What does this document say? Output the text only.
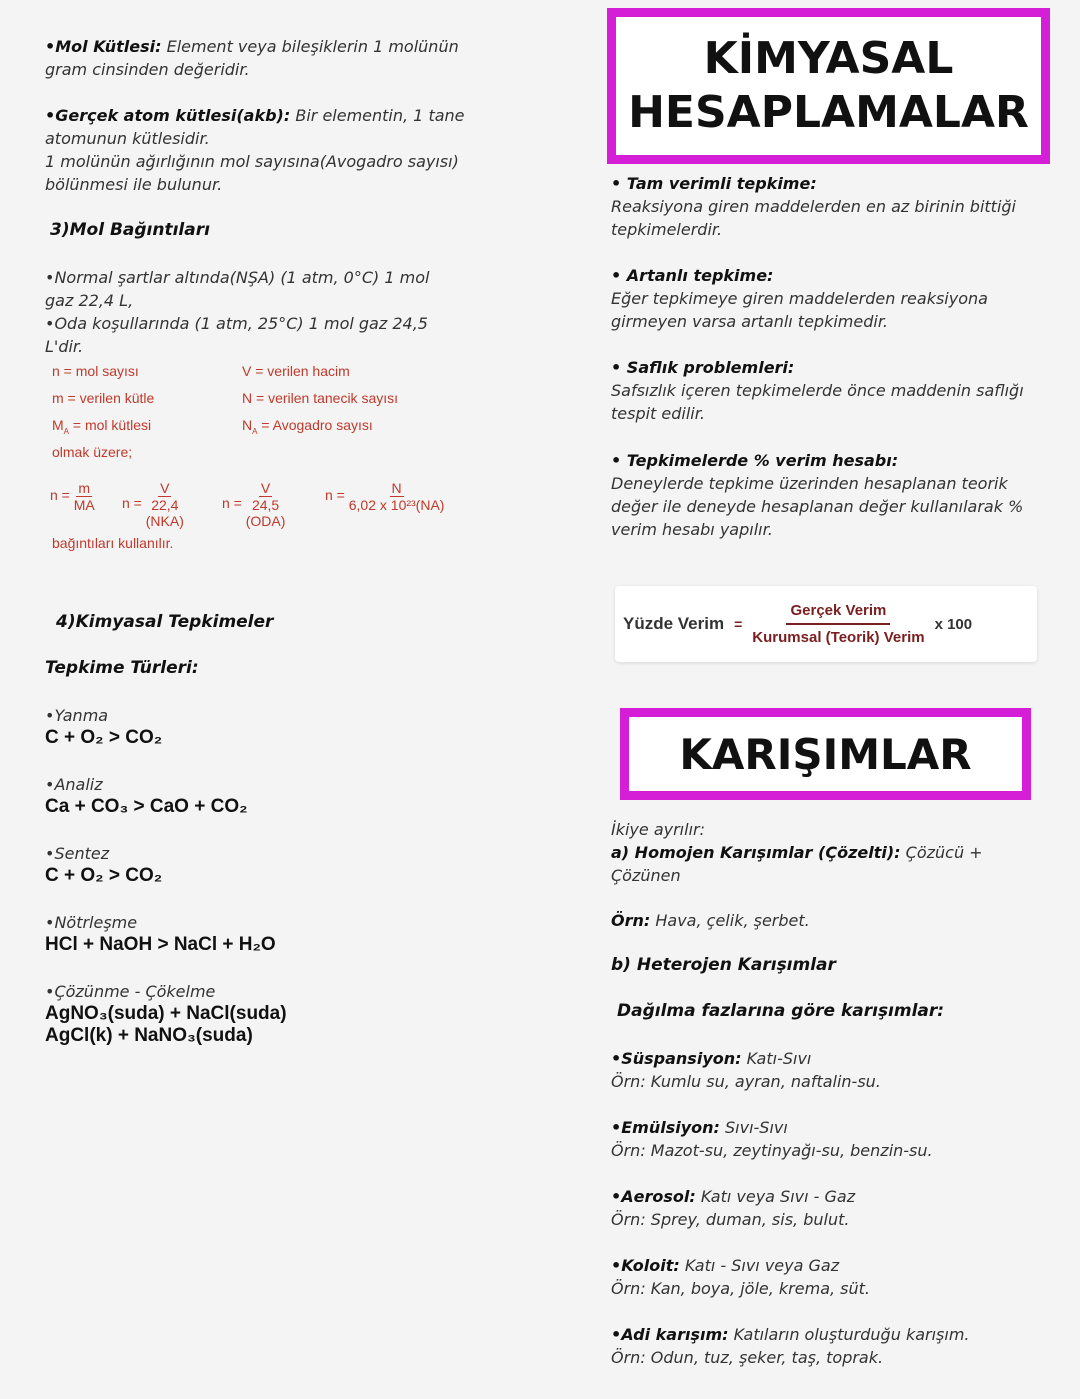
•Mol Kütlesi: Element veya bileşiklerin 1 molünün
gram cinsinden değeridir.
•Gerçek atom kütlesi(akb): Bir elementin, 1 tane
atomunun kütlesidir.
1 molünün ağırlığının mol sayısına(Avogadro sayısı)
bölünmesi ile bulunur.
3)Mol Bağıntıları
•Normal şartlar altında(NŞA) (1 atm, 0°C) 1 mol
gaz 22,4 L,
•Oda koşullarında (1 atm, 25°C) 1 mol gaz 24,5
L'dir.
n = mol sayısı
m = verilen kütle
$M_A$ = mol kütlesi
olmak üzere;
V = verilen hacim
N = verilen tanecik sayısı
$N_A$ = Avogadro sayısı
$n = \frac{m}{MA}$ n =
V
22,4
(NKA)
n =
V
24,5
(ODA)
$n = \frac{N}{\text{6,02 x 10²³(NA)}}$
bağıntıları kullanılır.
4)Kimyasal Tepkimeler
Tepkime Türleri:
•Yanma
C + O₂ > CO₂
•Analiz
Ca + CO₃ > CaO + CO₂
•Sentez
C + O₂ > CO₂
•Nötrleşme
HCl + NaOH > NaCl + H₂O
•Çözünme - Çökelme
AgNO₃(suda) + NaCl(suda)
AgCl(k) + NaNO₃(suda)
KİMYASAL
HESAPLAMALAR
• Tam verimli tepkime:
Reaksiyona giren maddelerden en az birinin bittiği
tepkimelerdir.
• Artanlı tepkime:
Eğer tepkimeye giren maddelerden reaksiyona
girmeyen varsa artanlı tepkimedir.
• Saflık problemleri:
Safsızlık içeren tepkimelerde önce maddenin saflığı
tespit edilir.
• Tepkimelerde % verim hesabı:
Deneylerde tepkime üzerinden hesaplanan teorik
değer ile deneyde hesaplanan değer kullanılarak %
verim hesabı yapılır.
Yüzde Verim =
Gerçek Verim
Kurumsal (Teorik) Verim
x 100
KARIŞIMLAR
İkiye ayrılır:
a) Homojen Karışımlar (Çözelti): Çözücü +
Çözünen
Örn: Hava, çelik, şerbet.
b) Heterojen Karışımlar
Dağılma fazlarına göre karışımlar:
•Süspansiyon: Katı-Sıvı
Örn: Kumlu su, ayran, naftalin-su.
•Emülsiyon: Sıvı-Sıvı
Örn: Mazot-su, zeytinyağı-su, benzin-su.
•Aerosol: Katı veya Sıvı - Gaz
Örn: Sprey, duman, sis, bulut.
•Koloit: Katı - Sıvı veya Gaz
Örn: Kan, boya, jöle, krema, süt.
•Adi karışım: Katıların oluşturduğu karışım.
Örn: Odun, tuz, şeker, taş, toprak.
